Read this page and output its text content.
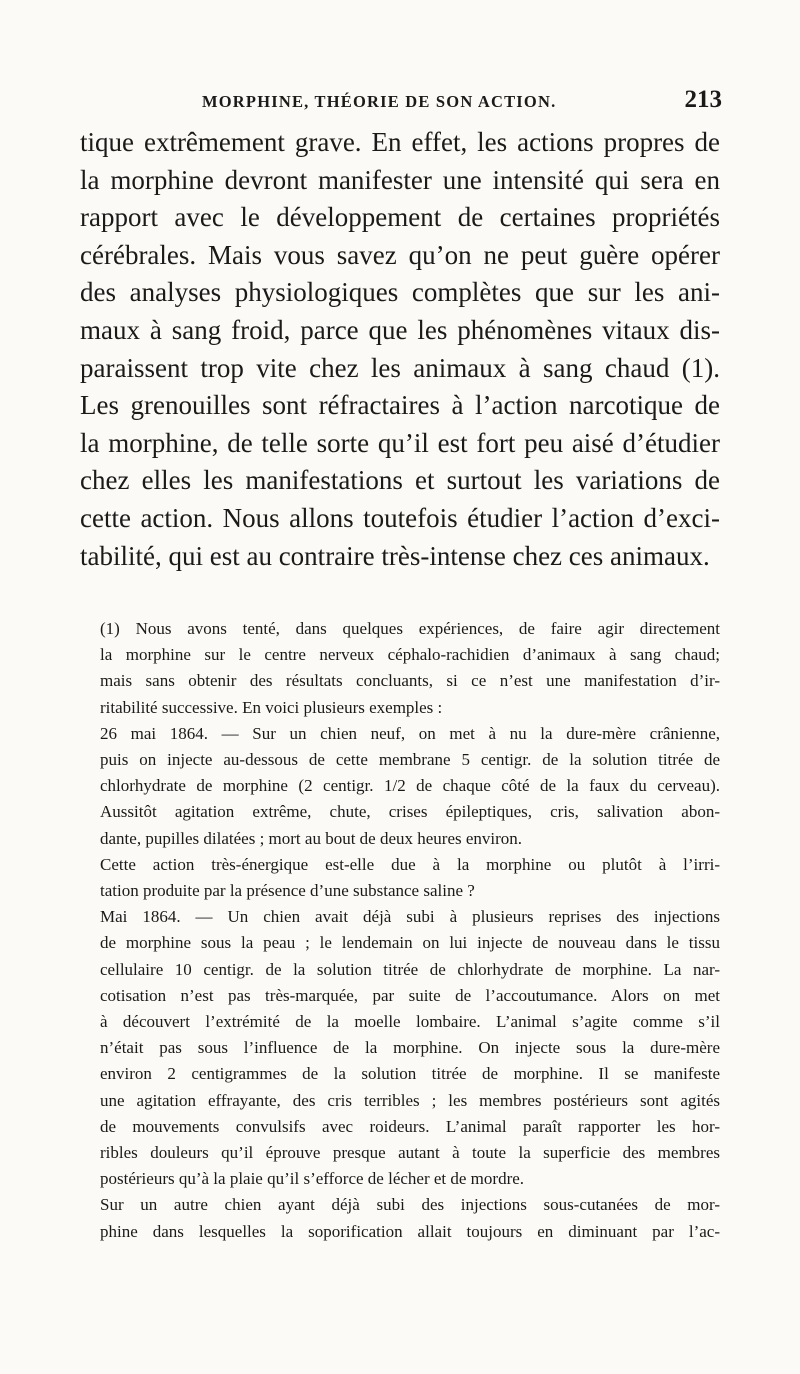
MORPHINE, THÉORIE DE SON ACTION.	213

tique extrêmement grave. En effet, les actions propres de
la morphine devront manifester une intensité qui sera en
rapport avec le développement de certaines propriétés
cérébrales. Mais vous savez qu’on ne peut guère opérer
des analyses physiologiques complètes que sur les ani-
maux à sang froid, parce que les phénomènes vitaux dis-
paraissent trop vite chez les animaux à sang chaud (1).
Les grenouilles sont réfractaires à l’action narcotique de
la morphine, de telle sorte qu’il est fort peu aisé d’étudier
chez elles les manifestations et surtout les variations de
cette action. Nous allons toutefois étudier l’action d’exci-
tabilité, qui est au contraire très-intense chez ces animaux.

(1) Nous avons tenté, dans quelques expériences, de faire agir directement
la morphine sur le centre nerveux céphalo-rachidien d’animaux à sang chaud;
mais sans obtenir des résultats concluants, si ce n’est une manifestation d’ir-
ritabilité successive. En voici plusieurs exemples :
26 mai 1864. — Sur un chien neuf, on met à nu la dure-mère crânienne,
puis on injecte au-dessous de cette membrane 5 centigr. de la solution titrée de
chlorhydrate de morphine (2 centigr. 1/2 de chaque côté de la faux du cerveau).
Aussitôt agitation extrême, chute, crises épileptiques, cris, salivation abon-
dante, pupilles dilatées ; mort au bout de deux heures environ.
Cette action très-énergique est-elle due à la morphine ou plutôt à l’irri-
tation produite par la présence d’une substance saline ?
Mai 1864. — Un chien avait déjà subi à plusieurs reprises des injections
de morphine sous la peau ; le lendemain on lui injecte de nouveau dans le tissu
cellulaire 10 centigr. de la solution titrée de chlorhydrate de morphine. La nar-
cotisation n’est pas très-marquée, par suite de l’accoutumance. Alors on met
à découvert l’extrémité de la moelle lombaire. L’animal s’agite comme s’il
n’était pas sous l’influence de la morphine. On injecte sous la dure-mère
environ 2 centigrammes de la solution titrée de morphine. Il se manifeste
une agitation effrayante, des cris terribles ; les membres postérieurs sont agités
de mouvements convulsifs avec roideurs. L’animal paraît rapporter les hor-
ribles douleurs qu’il éprouve presque autant à toute la superficie des membres
postérieurs qu’à la plaie qu’il s’efforce de lécher et de mordre.
Sur un autre chien ayant déjà subi des injections sous-cutanées de mor-
phine dans lesquelles la soporification allait toujours en diminuant par l’ac-
